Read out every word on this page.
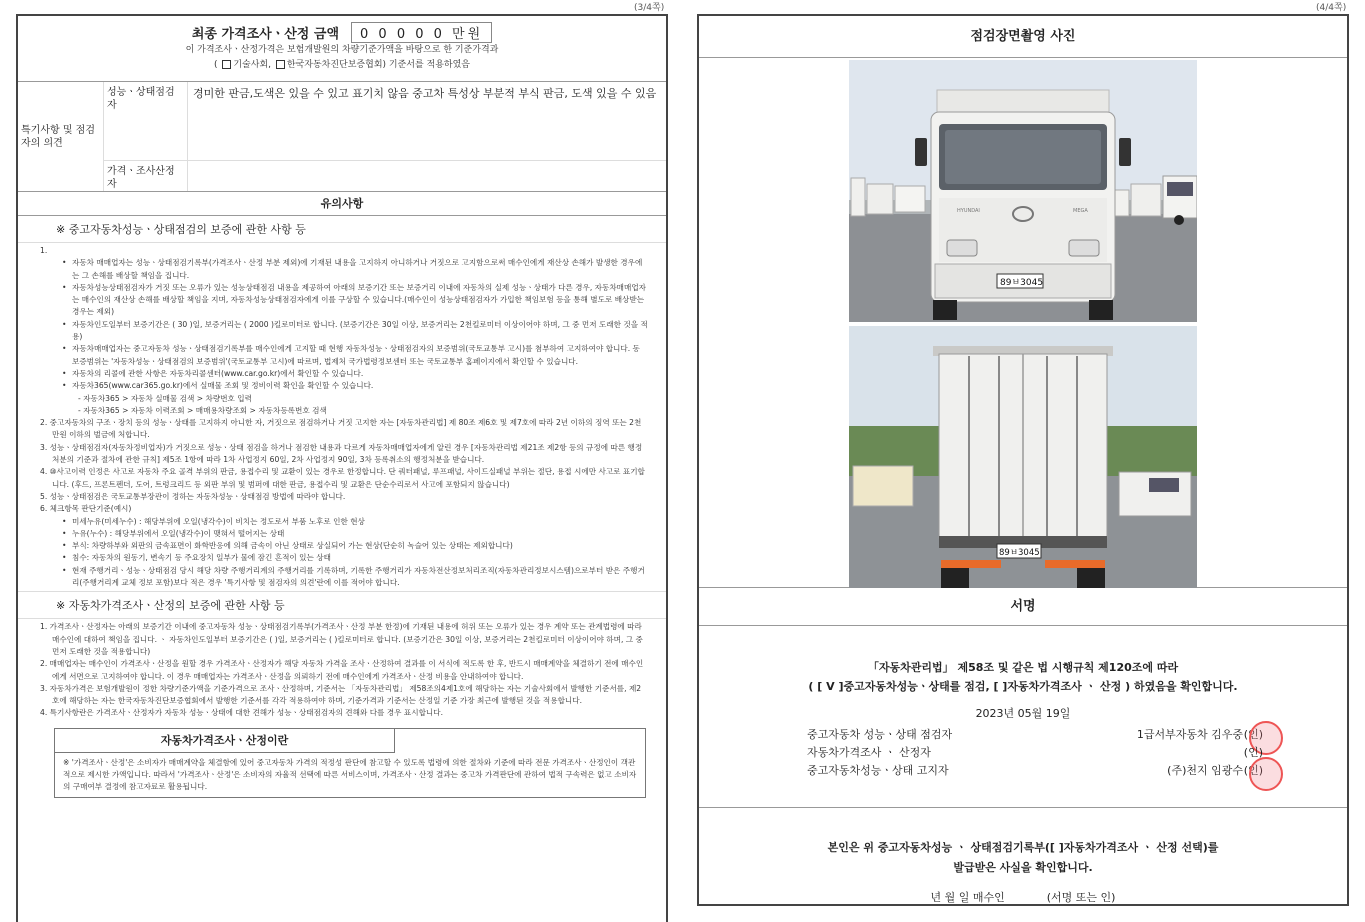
(3/4쪽)	(4/4쪽)
최종 가격조사ㆍ산정 금액	0 0 0 0 0 만원
이 가격조사ㆍ산정가격은 보험개발원의 차량기준가액을 바탕으로 한 기준가격과
( 기술사회, 한국자동차진단보증협회) 기준서를 적용하였음
특기사항 및 점검자의 의견
성능ㆍ상태점검자
경미한 판금,도색은 있을 수 있고 표기치 않음 중고차 특성상 부분적 부식 판금, 도색 있을 수 있음
가격ㆍ조사산정자
유의사항
※ 중고자동차성능ㆍ상태점검의 보증에 관한 사항 등
1.
• 자동차 매매업자는 성능ㆍ상태점검기록부(가격조사ㆍ산정 부분 제외)에 기재된 내용을 고지하지 아니하거나 거짓으로 고지함으로써 매수인에게 재산상 손해가 발생한 경우에는 그 손해를 배상할 책임을 집니다.
• 자동차성능상태점검자가 거짓 또는 오류가 있는 성능상태점검 내용을 제공하여 아래의 보증기간 또는 보증거리 이내에 자동차의 실제 성능ㆍ상태가 다른 경우, 자동차매매업자는 매수인의 재산상 손해를 배상할 책임을 지며, 자동차성능상태점검자에게 이를 구상할 수 있습니다.(매수인이 성능상태점검자가 가입한 책임보험 등을 통해 별도로 배상받는 경우는 제외)
• 자동차인도일부터 보증기간은 ( 30 )일, 보증거리는 ( 2000 )킬로미터로 합니다. (보증기간은 30일 이상, 보증거리는 2천킬로미터 이상이어야 하며, 그 중 먼저 도래한 것을 적용)
• 자동차매매업자는 중고자동차 성능ㆍ상태점검기록부를 매수인에게 고지할 때 현행 자동차성능ㆍ상태점검자의 보증범위(국토교통부 고시)를 첨부하여 고지하여야 합니다. 동 보증범위는 '자동차성능ㆍ상태점검의 보증범위'(국토교통부 고시)에 따르며, 법제처 국가법령정보센터 또는 국토교통부 홈페이지에서 확인할 수 있습니다.
• 자동차의 리콜에 관한 사항은 자동차리콜센터(www.car.go.kr)에서 확인할 수 있습니다.
• 자동차365(www.car365.go.kr)에서 실매물 조회 및 정비이력 확인을 확인할 수 있습니다.
- 자동차365 > 자동차 실매물 검색 > 차량번호 입력
- 자동차365 > 자동차 이력조회 > 매매용차량조회 > 자동차등록번호 검색
2. 중고자동차의 구조ㆍ장치 등의 성능ㆍ상태를 고지하지 아니한 자, 거짓으로 점검하거나 거짓 고지한 자는 [자동차관리법] 제 80조 제6호 및 제7호에 따라 2년 이하의 징역 또는 2천만원 이하의 벌금에 처합니다.
3. 성능ㆍ상태점검자(자동차정비업자)가 거짓으로 성능ㆍ상태 점검을 하거나 점검한 내용과 다르게 자동차매매업자에게 알린 경우 [자동차관리법 제21조 제2항 등의 규정에 따른 행정처분의 기준과 절차에 관한 규칙] 제5조 1항에 따라 1차 사업정지 60일, 2차 사업정지 90일, 3차 등록취소의 행정처분을 받습니다.
4. ⑩사고이력 인정은 사고로 자동차 주요 골격 부위의 판금, 용접수리 및 교환이 있는 경우로 한정합니다. 단 쿼터패널, 루프패널, 사이드실패널 부위는 절단, 용접 시에만 사고로 표기합니다. (후드, 프론트펜더, 도어, 트렁크리드 등 외판 부위 및 범퍼에 대한 판금, 용접수리 및 교환은 단순수리로서 사고에 포함되지 않습니다)
5. 성능ㆍ상태점검은 국토교통부장관이 정하는 자동차성능ㆍ상태점검 방법에 따라야 합니다.
6. 체크항목 판단기준(예시)
• 미세누유(미세누수) : 해당부위에 오일(냉각수)이 비치는 정도로서 부품 노후로 인한 현상
• 누유(누수) : 해당부위에서 오일(냉각수)이 맺혀서 떨어지는 상태
• 부식: 차량하부와 외판의 금속표면이 화학반응에 의해 금속이 아닌 상태로 상실되어 가는 현상(단순히 녹슬어 있는 상태는 제외합니다)
• 침수: 자동차의 원동기, 변속기 등 주요장치 일부가 물에 잠긴 흔적이 있는 상태
• 현재 주행거리ㆍ성능ㆍ상태점검 당시 해당 차량 주행거리계의 주행거리를 기록하며, 기록한 주행거리가 자동차전산정보처리조직(자동차관리정보시스템)으로부터 받은 주행거리(주행거리계 교체 정보 포함)보다 적은 경우 '특기사항 및 점검자의 의견'란에 이를 적어야 합니다.
※ 자동차가격조사ㆍ산정의 보증에 관한 사항 등
1. 가격조사ㆍ산정자는 아래의 보증기간 이내에 중고자동차 성능ㆍ상태점검기록부(가격조사ㆍ산정 부분 한정)에 기재된 내용에 허위 또는 오류가 있는 경우 계약 또는 관계법령에 따라 매수인에 대하여 책임을 집니다. ㆍ 자동차인도일부터 보증기간은 ( )일, 보증거리는 ( )킬로미터로 합니다. (보증기간은 30일 이상, 보증거리는 2천킬로미터 이상이어야 하며, 그 중 먼저 도래한 것을 적용합니다)
2. 매매업자는 매수인이 가격조사ㆍ산정을 원할 경우 가격조사ㆍ산정자가 해당 자동차 가격을 조사ㆍ산정하여 결과를 이 서식에 적도록 한 후, 반드시 매매계약을 체결하기 전에 매수인에게 서면으로 고지하여야 합니다. 이 경우 매매업자는 가격조사ㆍ산정을 의뢰하기 전에 매수인에게 가격조사ㆍ산정 비용을 안내하여야 합니다.
3. 자동차가격은 보험개발원이 정한 차량기준가액을 기준가격으로 조사ㆍ산정하며, 기준서는 「자동차관리법」 제58조의4제1호에 해당하는 자는 기술사회에서 발행한 기준서를, 제2호에 해당하는 자는 한국자동차진단보증협회에서 발행한 기준서를 각각 적용하여야 하며, 기준가격과 기준서는 산정일 기준 가장 최근에 발행된 것을 적용합니다.
4. 특기사항란은 가격조사ㆍ산정자가 자동차 성능ㆍ상태에 대한 견해가 성능ㆍ상태점검자의 견해와 다를 경우 표시합니다.
자동차가격조사ㆍ산정이란
※ '가격조사ㆍ산정'은 소비자가 매매계약을 체결함에 있어 중고자동차 가격의 적정성 판단에 참고할 수 있도록 법령에 의한 절차와 기준에 따라 전문 가격조사ㆍ산정인이 객관적으로 제시한 가액입니다. 따라서 '가격조사ㆍ산정'은 소비자의 자율적 선택에 따른 서비스이며, 가격조사ㆍ산정 결과는 중고차 가격판단에 관하여 법적 구속력은 없고 소비자의 구매여부 결정에 참고자료로 활용됩니다.
점검장면촬영 사진
HYUNDAI	MEGA
89ㅂ3045
89ㅂ3045
서명
「자동차관리법」 제58조 및 같은 법 시행규칙 제120조에 따라
( [ V ]중고자동차성능ㆍ상태를 점검, [ ]자동차가격조사 ㆍ 산정 ) 하였음을 확인합니다.
2023년 05월 19일
중고자동차 성능ㆍ상태 점검자	1급서부자동차 김우중 (인)
자동차가격조사 ㆍ 산정자	(인)
중고자동차성능ㆍ상태 고지자	(주)천지 임광수 (인)
본인은 위 중고자동차성능 ㆍ 상태점검기록부([ ]자동차가격조사 ㆍ 산정 선택)를
발급받은 사실을 확인합니다.
년 월 일 매수인	(서명 또는 인)
